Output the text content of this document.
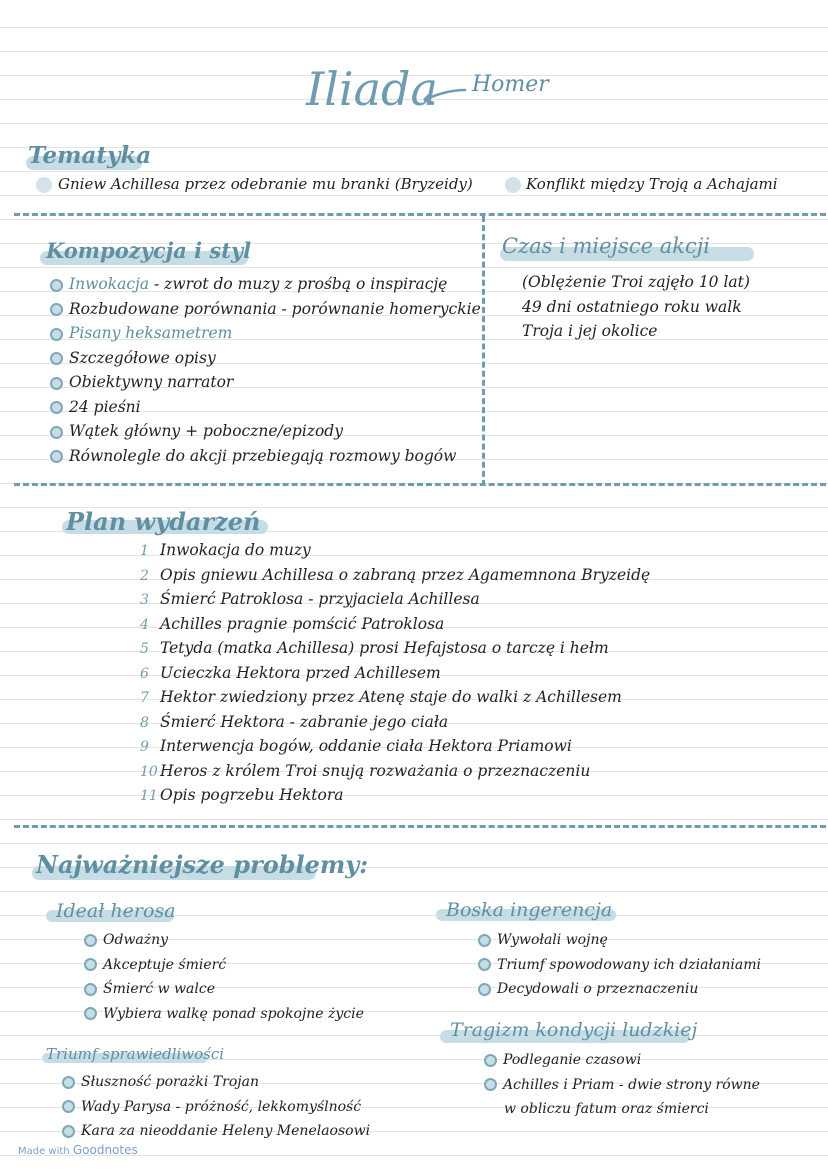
Iliada Homer
Tematyka
Gniew Achillesa przez odebranie mu branki (Bryzeidy)	Konflikt między Troją a Achajami
Kompozycja i styl
Inwokacja - zwrot do muzy z prośbą o inspirację
Rozbudowane porównania - porównanie homeryckie
Pisany heksametrem
Szczegółowe opisy
Obiektywny narrator
24 pieśni
Wątek główny + poboczne/epizody
Równolegle do akcji przebiegają rozmowy bogów
Czas i miejsce akcji
(Oblężenie Troi zajęło 10 lat)
49 dni ostatniego roku walk
Troja i jej okolice
Plan wydarzeń
1 Inwokacja do muzy
2 Opis gniewu Achillesa o zabraną przez Agamemnona Bryzeidę
3 Śmierć Patroklosa - przyjaciela Achillesa
4 Achilles pragnie pomścić Patroklosa
5 Tetyda (matka Achillesa) prosi Hefajstosa o tarczę i hełm
6 Ucieczka Hektora przed Achillesem
7 Hektor zwiedziony przez Atenę staje do walki z Achillesem
8 Śmierć Hektora - zabranie jego ciała
9 Interwencja bogów, oddanie ciała Hektora Priamowi
10 Heros z królem Troi snują rozważania o przeznaczeniu
11 Opis pogrzebu Hektora
Najważniejsze problemy:
Ideał herosa
Odważny
Akceptuje śmierć
Śmierć w walce
Wybiera walkę ponad spokojne życie
Boska ingerencja
Wywołali wojnę
Triumf spowodowany ich działaniami
Decydowali o przeznaczeniu
Triumf sprawiedliwości
Słuszność porażki Trojan
Wady Parysa - próżność, lekkomyślność
Kara za nieoddanie Heleny Menelaosowi
Tragizm kondycji ludzkiej
Podleganie czasowi
Achilles i Priam - dwie strony równe
w obliczu fatum oraz śmierci
Made with Goodnotes
